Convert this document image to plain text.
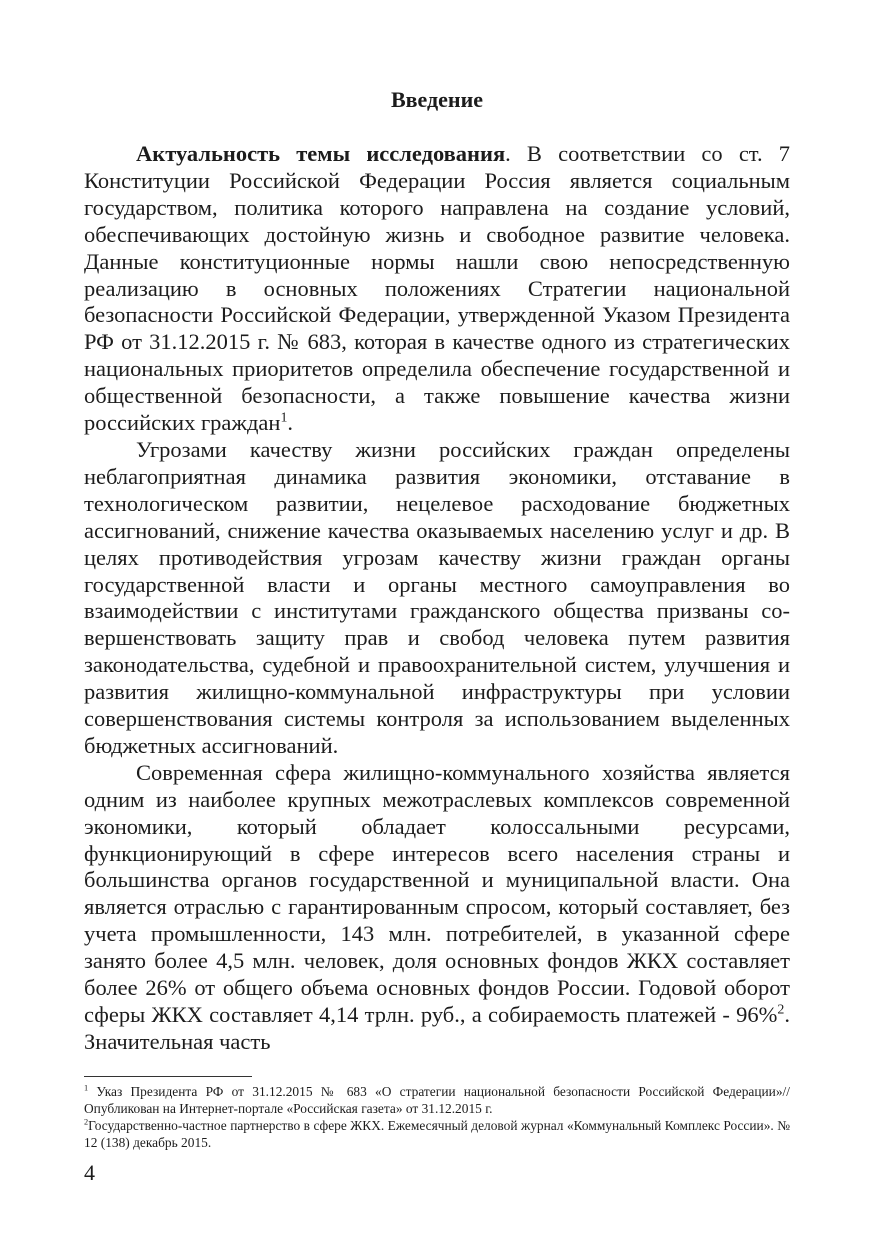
Введение

Актуальность темы исследования. В соответствии со ст. 7 Конституции Российской Федерации Россия является социальным государством, политика которого направлена на создание условий, обеспечивающих достойную жизнь и свободное развитие человека. Данные конституционные нормы нашли свою непосредственную реализацию в основных положениях Стратегии национальной безопасности Российской Федерации, утвержденной Указом Президента РФ от 31.12.2015 г. № 683, которая в качестве одного из стратегических национальных приоритетов определила обеспечение государственной и общественной безопасности, а также повышение качества жизни российских граждан$^1$.

Угрозами качеству жизни российских граждан определены неблагоприятная динамика развития экономики, отставание в технологическом развитии, нецелевое расходование бюджетных ассигнований, снижение качества оказываемых населению услуг и др. В целях противодействия угрозам качеству жизни граждан органы государственной власти и органы местного самоуправления во взаимодействии с институтами гражданского общества призваны со-вершенствовать защиту прав и свобод человека путем развития законодательства, судебной и правоохранительной систем, улучшения и развития жилищно-коммунальной инфраструктуры при условии совершенствования системы контроля за использованием выделенных бюджетных ассигнований.

Современная сфера жилищно-коммунального хозяйства является одним из наиболее крупных межотраслевых комплексов современной экономики, который обладает колоссальными ресурсами, функционирующий в сфере интересов всего населения страны и большинства органов государственной и муниципальной власти. Она является отраслью с гарантированным спросом, который составляет, без учета промышленности, 143 млн. потребителей, в указанной сфере занято более 4,5 млн. человек, доля основных фондов ЖКХ составляет более 26% от общего объема основных фондов России. Годовой оборот сферы ЖКХ составляет 4,14 трлн. руб., а собираемость платежей - 96%$^2$. Значительная часть

$^1$ Указ Президента РФ от 31.12.2015 № 683 «О стратегии национальной безопасности Российской Федерации»// Опубликован на Интернет-портале «Российская газета» от 31.12.2015 г.

$^2$Государственно-частное партнерство в сфере ЖКХ. Ежемесячный деловой журнал «Коммунальный Комплекс России». № 12 (138) декабрь 2015.

4
